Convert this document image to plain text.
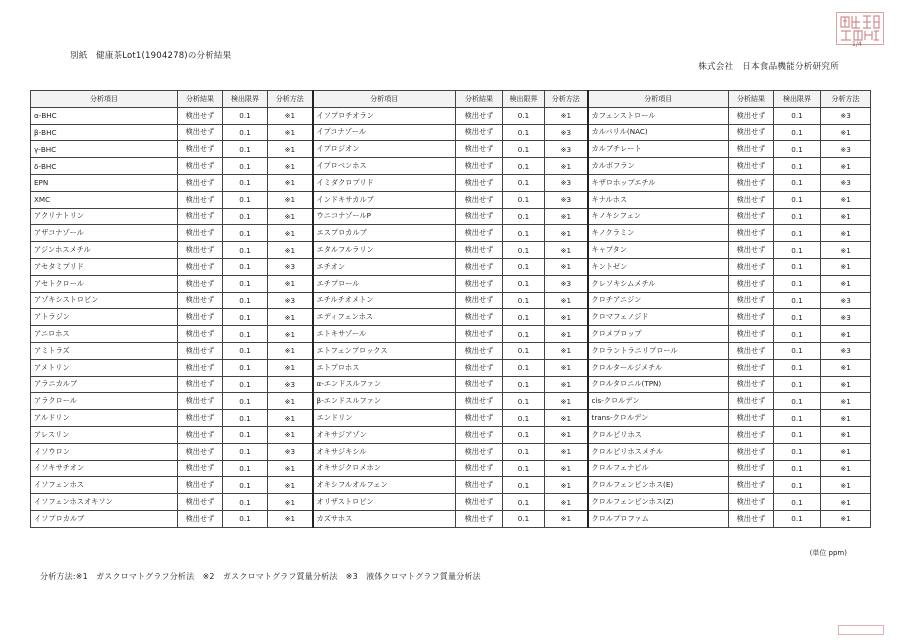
1/4
別紙　健康茶Lot1(1904278)の分析結果
株式会社　日本食品機能分析研究所
分析項目	分析結果	検出限界	分析方法	分析項目	分析結果	検出限界	分析方法	分析項目	分析結果	検出限界	分析方法
α-BHC	検出せず	0.1	※1	イソプロチオラン	検出せず	0.1	※1	カフェンストロール	検出せず	0.1	※3
β-BHC	検出せず	0.1	※1	イプコナゾール	検出せず	0.1	※3	カルバリル(NAC)	検出せず	0.1	※1
γ-BHC	検出せず	0.1	※1	イプロジオン	検出せず	0.1	※3	カルブチレート	検出せず	0.1	※3
δ-BHC	検出せず	0.1	※1	イプロベンホス	検出せず	0.1	※1	カルボフラン	検出せず	0.1	※1
EPN	検出せず	0.1	※1	イミダクロプリド	検出せず	0.1	※3	キザロホップエチル	検出せず	0.1	※3
XMC	検出せず	0.1	※1	インドキサカルブ	検出せず	0.1	※3	キナルホス	検出せず	0.1	※1
アクリナトリン	検出せず	0.1	※1	ウニコナゾールP	検出せず	0.1	※1	キノキシフェン	検出せず	0.1	※1
アザコナゾール	検出せず	0.1	※1	エスプロカルブ	検出せず	0.1	※1	キノクラミン	検出せず	0.1	※1
アジンホスメチル	検出せず	0.1	※1	エタルフルラリン	検出せず	0.1	※1	キャプタン	検出せず	0.1	※1
アセタミプリド	検出せず	0.1	※3	エチオン	検出せず	0.1	※1	キントゼン	検出せず	0.1	※1
アセトクロール	検出せず	0.1	※1	エチプロール	検出せず	0.1	※3	クレソキシムメチル	検出せず	0.1	※1
アゾキシストロビン	検出せず	0.1	※3	エチルチオメトン	検出せず	0.1	※1	クロチアニジン	検出せず	0.1	※3
アトラジン	検出せず	0.1	※1	エディフェンホス	検出せず	0.1	※1	クロマフェノジド	検出せず	0.1	※3
アニロホス	検出せず	0.1	※1	エトキサゾール	検出せず	0.1	※1	クロメプロップ	検出せず	0.1	※1
アミトラズ	検出せず	0.1	※1	エトフェンプロックス	検出せず	0.1	※1	クロラントラニリプロール	検出せず	0.1	※3
アメトリン	検出せず	0.1	※1	エトプロホス	検出せず	0.1	※1	クロルタールジメチル	検出せず	0.1	※1
アラニカルブ	検出せず	0.1	※3	α-エンドスルファン	検出せず	0.1	※1	クロルタロニル(TPN)	検出せず	0.1	※1
アラクロール	検出せず	0.1	※1	β-エンドスルファン	検出せず	0.1	※1	cis-クロルデン	検出せず	0.1	※1
アルドリン	検出せず	0.1	※1	エンドリン	検出せず	0.1	※1	trans-クロルデン	検出せず	0.1	※1
アレスリン	検出せず	0.1	※1	オキサジアゾン	検出せず	0.1	※1	クロルピリホス	検出せず	0.1	※1
イソウロン	検出せず	0.1	※3	オキサジキシル	検出せず	0.1	※1	クロルピリホスメチル	検出せず	0.1	※1
イソキサチオン	検出せず	0.1	※1	オキサジクロメホン	検出せず	0.1	※1	クロルフェナピル	検出せず	0.1	※1
イソフェンホス	検出せず	0.1	※1	オキシフルオルフェン	検出せず	0.1	※1	クロルフェンビンホス(E)	検出せず	0.1	※1
イソフェンホスオキソン	検出せず	0.1	※1	オリザストロビン	検出せず	0.1	※1	クロルフェンビンホス(Z)	検出せず	0.1	※1
イソプロカルブ	検出せず	0.1	※1	カズサホス	検出せず	0.1	※1	クロルプロファム	検出せず	0.1	※1
(単位 ppm)
分析方法:※1　ガスクロマトグラフ分析法　※2　ガスクロマトグラフ質量分析法　※3　液体クロマトグラフ質量分析法
